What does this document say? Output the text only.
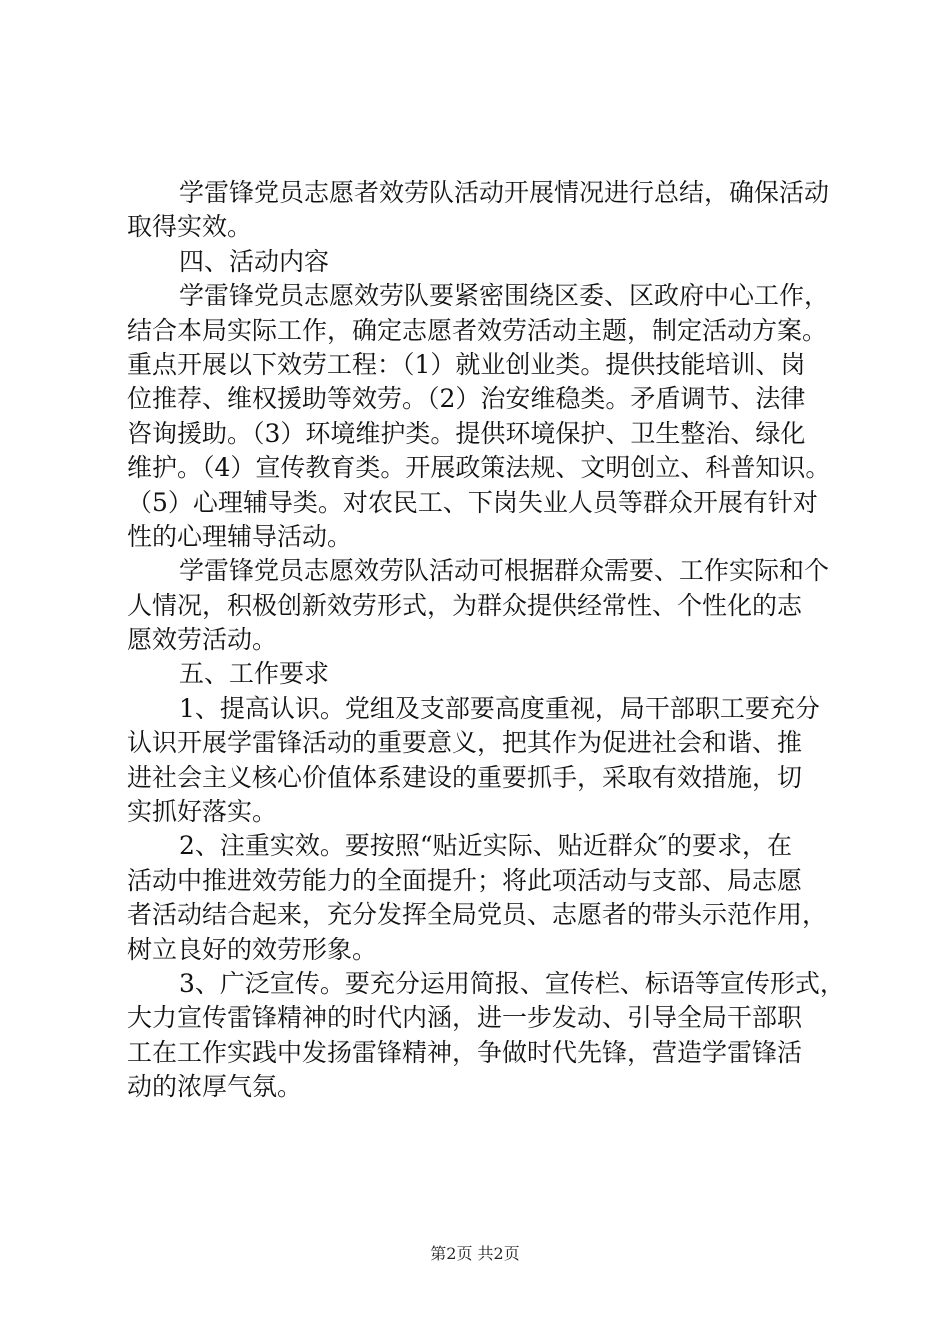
学雷锋党员志愿者效劳队活动开展情况进行总结，确保活动
取得实效。
四、活动内容
学雷锋党员志愿效劳队要紧密围绕区委、区政府中心工作，
结合本局实际工作，确定志愿者效劳活动主题，制定活动方案。
重点开展以下效劳工程：（1）就业创业类。提供技能培训、岗
位推荐、维权援助等效劳。（2）治安维稳类。矛盾调节、法律
咨询援助。（3）环境维护类。提供环境保护、卫生整治、绿化
维护。（4）宣传教育类。开展政策法规、文明创立、科普知识。
（5）心理辅导类。对农民工、下岗失业人员等群众开展有针对
性的心理辅导活动。
学雷锋党员志愿效劳队活动可根据群众需要、工作实际和个
人情况，积极创新效劳形式，为群众提供经常性、个性化的志
愿效劳活动。
五、工作要求
1、提高认识。党组及支部要高度重视，局干部职工要充分
认识开展学雷锋活动的重要意义，把其作为促进社会和谐、推
进社会主义核心价值体系建设的重要抓手，采取有效措施，切
实抓好落实。
2、注重实效。要按照“贴近实际、贴近群众″的要求，在
活动中推进效劳能力的全面提升；将此项活动与支部、局志愿
者活动结合起来，充分发挥全局党员、志愿者的带头示范作用，
树立良好的效劳形象。
3、广泛宣传。要充分运用简报、宣传栏、标语等宣传形式，
大力宣传雷锋精神的时代内涵，进一步发动、引导全局干部职
工在工作实践中发扬雷锋精神，争做时代先锋，营造学雷锋活
动的浓厚气氛。
第2页 共2页
